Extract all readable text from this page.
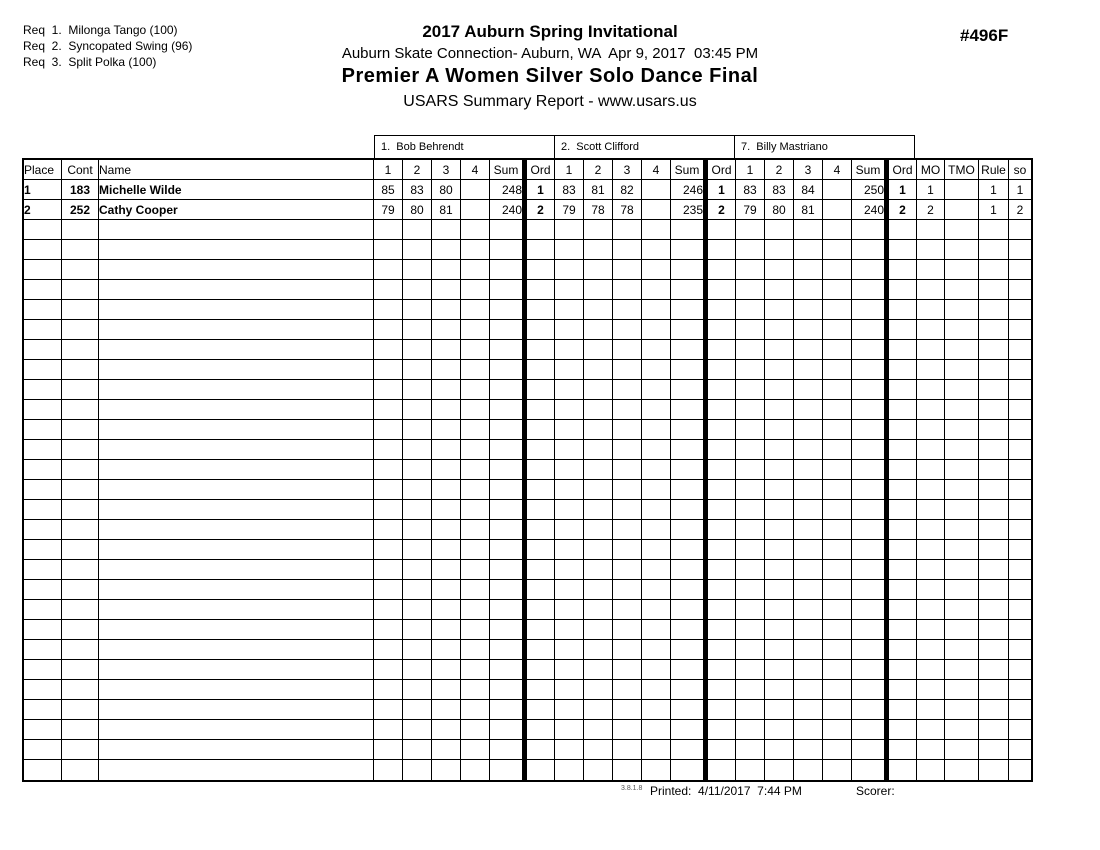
Req  1.  Milonga Tango (100)
Req  2.  Syncopated Swing (96)
Req  3.  Split Polka (100)
2017 Auburn Spring Invitational
Auburn Skate Connection- Auburn, WA  Apr 9, 2017  03:45 PM
Premier A Women Silver Solo Dance Final
USARS Summary Report - www.usars.us
#496F
1.  Bob Behrendt	2.  Scott Clifford	7.  Billy Mastriano
Place	Cont	Name	1	2	3	4	Sum	Ord	1	2	3	4	Sum	Ord	1	2	3	4	Sum	Ord	MO	TMO	Rule	so
1	183	Michelle Wilde	85	83	80		248	1	83	81	82		246	1	83	83	84		250	1	1		1	1
2	252	Cathy Cooper	79	80	81		240	2	79	78	78		235	2	79	80	81		240	2	2		1	2

3.8.1.8 Printed:  4/11/2017  7:44 PM	Scorer:
